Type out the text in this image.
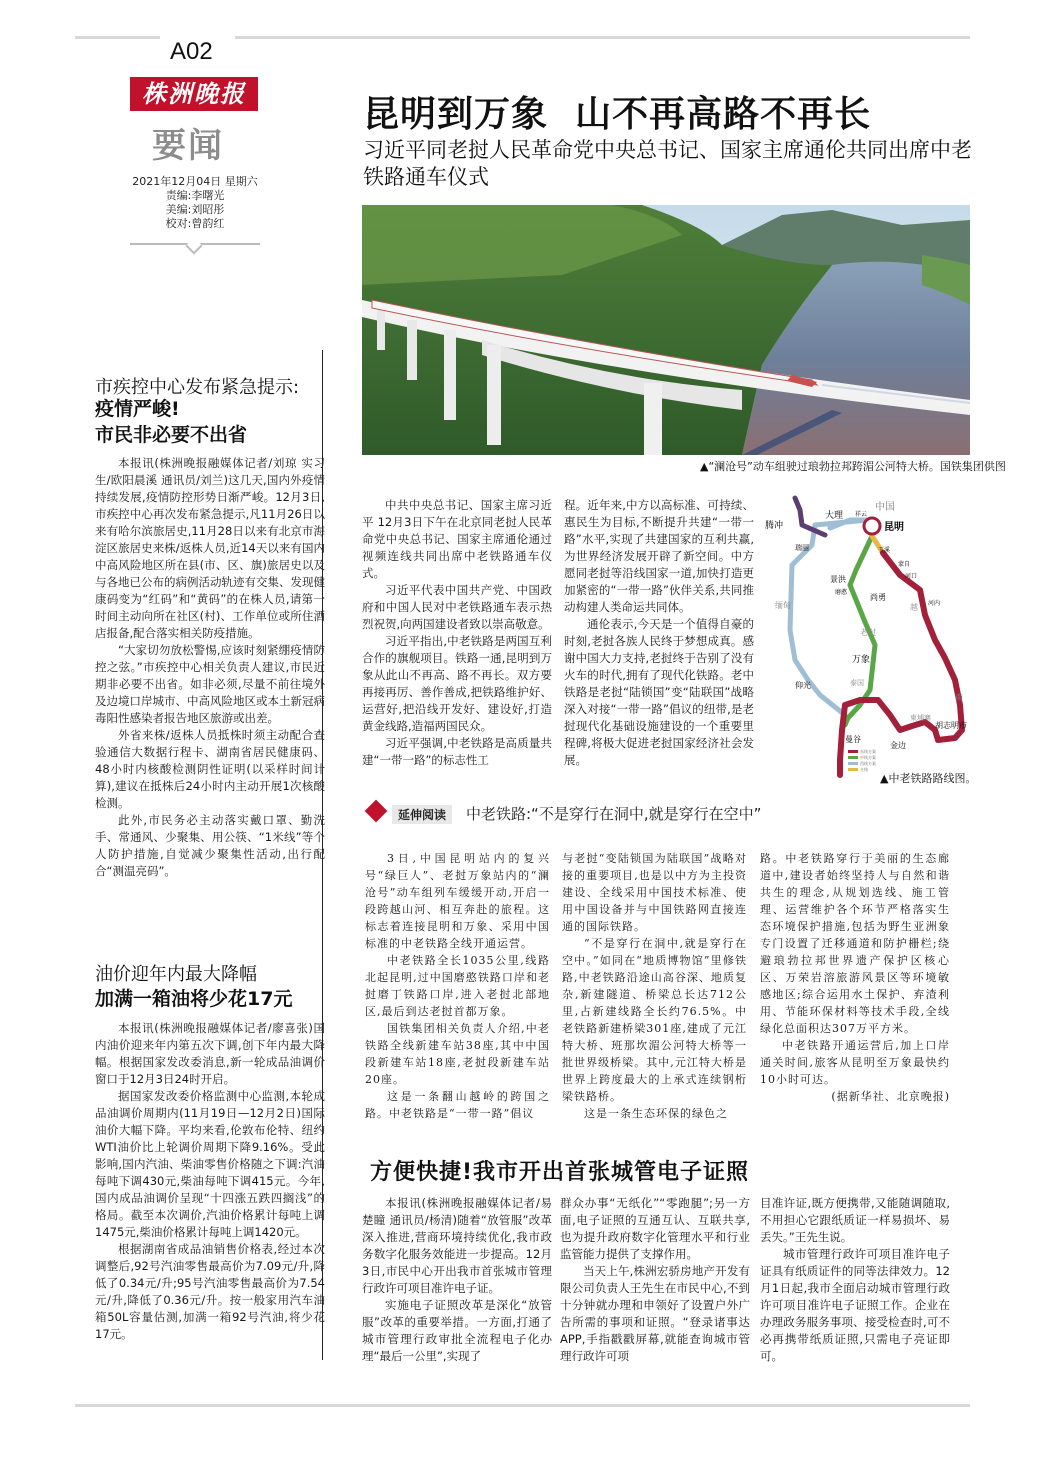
A02
株洲晚报
要闻
2021年12月04日 星期六
责编:李曙光
美编:刘昭彤
校对:曾韵红
昆明到万象  山不再高路不再长
习近平同老挝人民革命党中央总书记、国家主席通伦共同出席中老铁路通车仪式
▲“澜沧号”动车组驶过琅勃拉邦跨湄公河特大桥。国铁集团供图

中共中央总书记、国家主席习近平 12月3日下午在北京同老挝人民革命党中央总书记、国家主席通伦通过视频连线共同出席中老铁路通车仪式。

习近平代表中国共产党、中国政府和中国人民对中老铁路通车表示热烈祝贺,向两国建设者致以崇高敬意。

习近平指出,中老铁路是两国互利合作的旗舰项目。铁路一通,昆明到万象从此山不再高、路不再长。双方要再接再厉、善作善成,把铁路维护好、运营好,把沿线开发好、建设好,打造黄金线路,造福两国民众。

习近平强调,中老铁路是高质量共建“一带一路”的标志性工

程。近年来,中方以高标准、可持续、惠民生为目标,不断提升共建“一带一路”水平,实现了共建国家的互利共赢,为世界经济发展开辟了新空间。中方愿同老挝等沿线国家一道,加快打造更加紧密的“一带一路”伙伴关系,共同推动构建人类命运共同体。

通伦表示,今天是一个值得自豪的时刻,老挝各族人民终于梦想成真。感谢中国大力支持,老挝终于告别了没有火车的时代,拥有了现代化铁路。老中铁路是老挝“陆锁国”变“陆联国”战略深入对接“一带一路”倡议的纽带,是老挝现代化基础设施建设的一个重要里程碑,将极大促进老挝国家经济社会发展。

昆明
中国
腾冲
大理 祥云
瑞丽	玉溪
蒙自
河口
景洪
磨憨
尚勇
河内
缅甸
老挝
万象
越
南
仰光	泰国
曼谷
柬埔寨
胡志明市
金边
东线方案
中线方案
西线方案
支线
▲中老铁路路线图。
延伸阅读	中老铁路:“不是穿行在洞中,就是穿行在空中”

3日,中国昆明站内的复兴号“绿巨人”、老挝万象站内的“澜沧号”动车组列车缓缓开动,开启一段跨越山河、相互奔赴的旅程。这标志着连接昆明和万象、采用中国标准的中老铁路全线开通运营。

中老铁路全长1035公里,线路北起昆明,过中国磨憨铁路口岸和老挝磨丁铁路口岸,进入老挝北部地区,最后到达老挝首都万象。

国铁集团相关负责人介绍,中老铁路全线新建车站38座,其中中国段新建车站18座,老挝段新建车站20座。

这是一条翻山越岭的跨国之路。中老铁路是“一带一路”倡议

与老挝“变陆锁国为陆联国”战略对接的重要项目,也是以中方为主投资建设、全线采用中国技术标准、使用中国设备并与中国铁路网直接连通的国际铁路。

“不是穿行在洞中,就是穿行在空中。”如同在“地质博物馆”里修铁路,中老铁路沿途山高谷深、地质复杂,新建隧道、桥梁总长达712公里,占新建线路全长约76.5%。中老铁路新建桥梁301座,建成了元江特大桥、班那坎湄公河特大桥等一批世界级桥梁。其中,元江特大桥是世界上跨度最大的上承式连续钢桁梁铁路桥。

这是一条生态环保的绿色之

路。中老铁路穿行于美丽的生态廊道中,建设者始终坚持人与自然和谐共生的理念,从规划选线、施工管理、运营维护各个环节严格落实生态环境保护措施,包括为野生亚洲象专门设置了迁移通道和防护栅栏;绕避琅勃拉邦世界遗产保护区核心区、万荣岩溶旅游风景区等环境敏感地区;综合运用水土保护、弃渣利用、节能环保材料等技术手段,全线绿化总面积达307万平方米。

中老铁路开通运营后,加上口岸通关时间,旅客从昆明至万象最快约10小时可达。

(据新华社、北京晚报)

市疾控中心发布紧急提示:
疫情严峻!
市民非必要不出省

本报讯(株洲晚报融媒体记者/刘琼 实习生/欧阳晨溪 通讯员/刘兰)这几天,国内外疫情持续发展,疫情防控形势日渐严峻。12月3日,市疾控中心再次发布紧急提示,凡11月26日以来有哈尔滨旅居史,11月28日以来有北京市海淀区旅居史来株/返株人员,近14天以来有国内中高风险地区所在县(市、区、旗)旅居史以及与各地已公布的病例活动轨迹有交集、发现健康码变为“红码”和“黄码”的在株人员,请第一时间主动向所在社区(村)、工作单位或所住酒店报备,配合落实相关防疫措施。

“大家切勿放松警惕,应该时刻紧绷疫情防控之弦。”市疾控中心相关负责人建议,市民近期非必要不出省。如非必须,尽量不前往境外及边境口岸城市、中高风险地区或本土新冠病毒阳性感染者报告地区旅游或出差。

外省来株/返株人员抵株时须主动配合查验通信大数据行程卡、湖南省居民健康码、48小时内核酸检测阴性证明(以采样时间计算),建议在抵株后24小时内主动开展1次核酸检测。

此外,市民务必主动落实戴口罩、勤洗手、常通风、少聚集、用公筷、“1米线”等个人防护措施,自觉减少聚集性活动,出行配合“测温亮码”。

油价迎年内最大降幅
加满一箱油将少花17元

本报讯(株洲晚报融媒体记者/廖喜张)国内油价迎来年内第五次下调,创下年内最大降幅。根据国家发改委消息,新一轮成品油调价窗口于12月3日24时开启。

据国家发改委价格监测中心监测,本轮成品油调价周期内(11月19日—12月2日)国际油价大幅下降。平均来看,伦敦布伦特、纽约WTI油价比上轮调价周期下降9.16%。受此影响,国内汽油、柴油零售价格随之下调:汽油每吨下调430元,柴油每吨下调415元。今年,国内成品油调价呈现“十四涨五跌四搁浅”的格局。截至本次调价,汽油价格累计每吨上调1475元,柴油价格累计每吨上调1420元。

根据湖南省成品油销售价格表,经过本次调整后,92号汽油零售最高价为7.09元/升,降低了0.34元/升;95号汽油零售最高价为7.54元/升,降低了0.36元/升。按一般家用汽车油箱50L容量估测,加满一箱92号汽油,将少花17元。

方便快捷!我市开出首张城管电子证照

本报讯(株洲晚报融媒体记者/易楚瞳 通讯员/杨清)随着“放管服”改革深入推进,营商环境持续优化,我市政务数字化服务效能进一步提高。12月3日,市民中心开出我市首张城市管理行政许可项目准许电子证。

实施电子证照改革是深化“放管服”改革的重要举措。一方面,打通了城市管理行政审批全流程电子化办理“最后一公里”,实现了

群众办事“无纸化”“零跑腿”;另一方面,电子证照的互通互认、互联共享,也为提升政府数字化管理水平和行业监管能力提供了支撑作用。

当天上午,株洲宏骄房地产开发有限公司负责人王先生在市民中心,不到十分钟就办理和申领好了设置户外广告所需的事项和证照。“登录诸事达APP,手指戳戳屏幕,就能查询城市管理行政许可项

目准许证,既方便携带,又能随调随取,不用担心它跟纸质证一样易损坏、易丢失。”王先生说。

城市管理行政许可项目准许电子证具有纸质证件的同等法律效力。12月1日起,我市全面启动城市管理行政许可项目准许电子证照工作。企业在办理政务服务事项、接受检查时,可不必再携带纸质证照,只需电子亮证即可。
